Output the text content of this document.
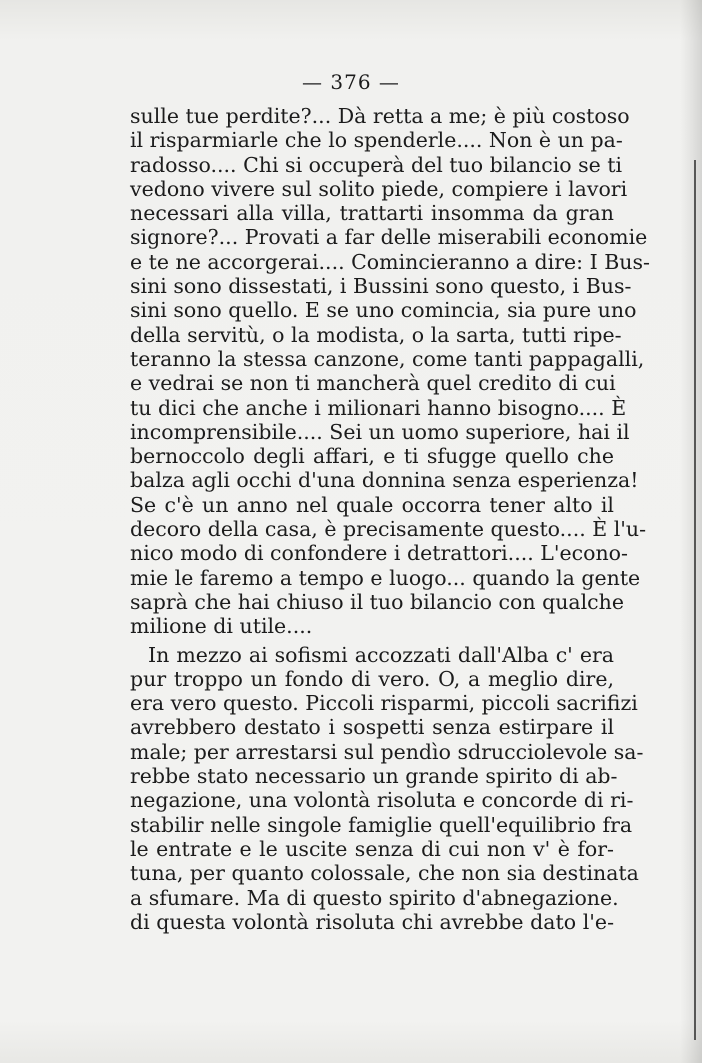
— 376 —
sulle tue perdite?... Dà retta a me; è più costoso
il risparmiarle che lo spenderle.... Non è un pa-
radosso.... Chi si occuperà del tuo bilancio se ti
vedono vivere sul solito piede, compiere i lavori
necessari alla villa, trattarti insomma da gran
signore?... Provati a far delle miserabili economie
e te ne accorgerai.... Comincieranno a dire: I Bus-
sini sono dissestati, i Bussini sono questo, i Bus-
sini sono quello. E se uno comincia, sia pure uno
della servitù, o la modista, o la sarta, tutti ripe-
teranno la stessa canzone, come tanti pappagalli,
e vedrai se non ti mancherà quel credito di cui
tu dici che anche i milionari hanno bisogno.... È
incomprensibile.... Sei un uomo superiore, hai il
bernoccolo degli affari, e ti sfugge quello che
balza agli occhi d'una donnina senza esperienza!
Se c'è un anno nel quale occorra tener alto il
decoro della casa, è precisamente questo.... È l'u-
nico modo di confondere i detrattori.... L'econo-
mie le faremo a tempo e luogo... quando la gente
saprà che hai chiuso il tuo bilancio con qualche
milione di utile....
In mezzo ai sofismi accozzati dall'Alba c' era
pur troppo un fondo di vero. O, a meglio dire,
era vero questo. Piccoli risparmi, piccoli sacrifizi
avrebbero destato i sospetti senza estirpare il
male; per arrestarsi sul pendìo sdrucciolevole sa-
rebbe stato necessario un grande spirito di ab-
negazione, una volontà risoluta e concorde di ri-
stabilir nelle singole famiglie quell'equilibrio fra
le entrate e le uscite senza di cui non v' è for-
tuna, per quanto colossale, che non sia destinata
a sfumare. Ma di questo spirito d'abnegazione.
di questa volontà risoluta chi avrebbe dato l'e-
